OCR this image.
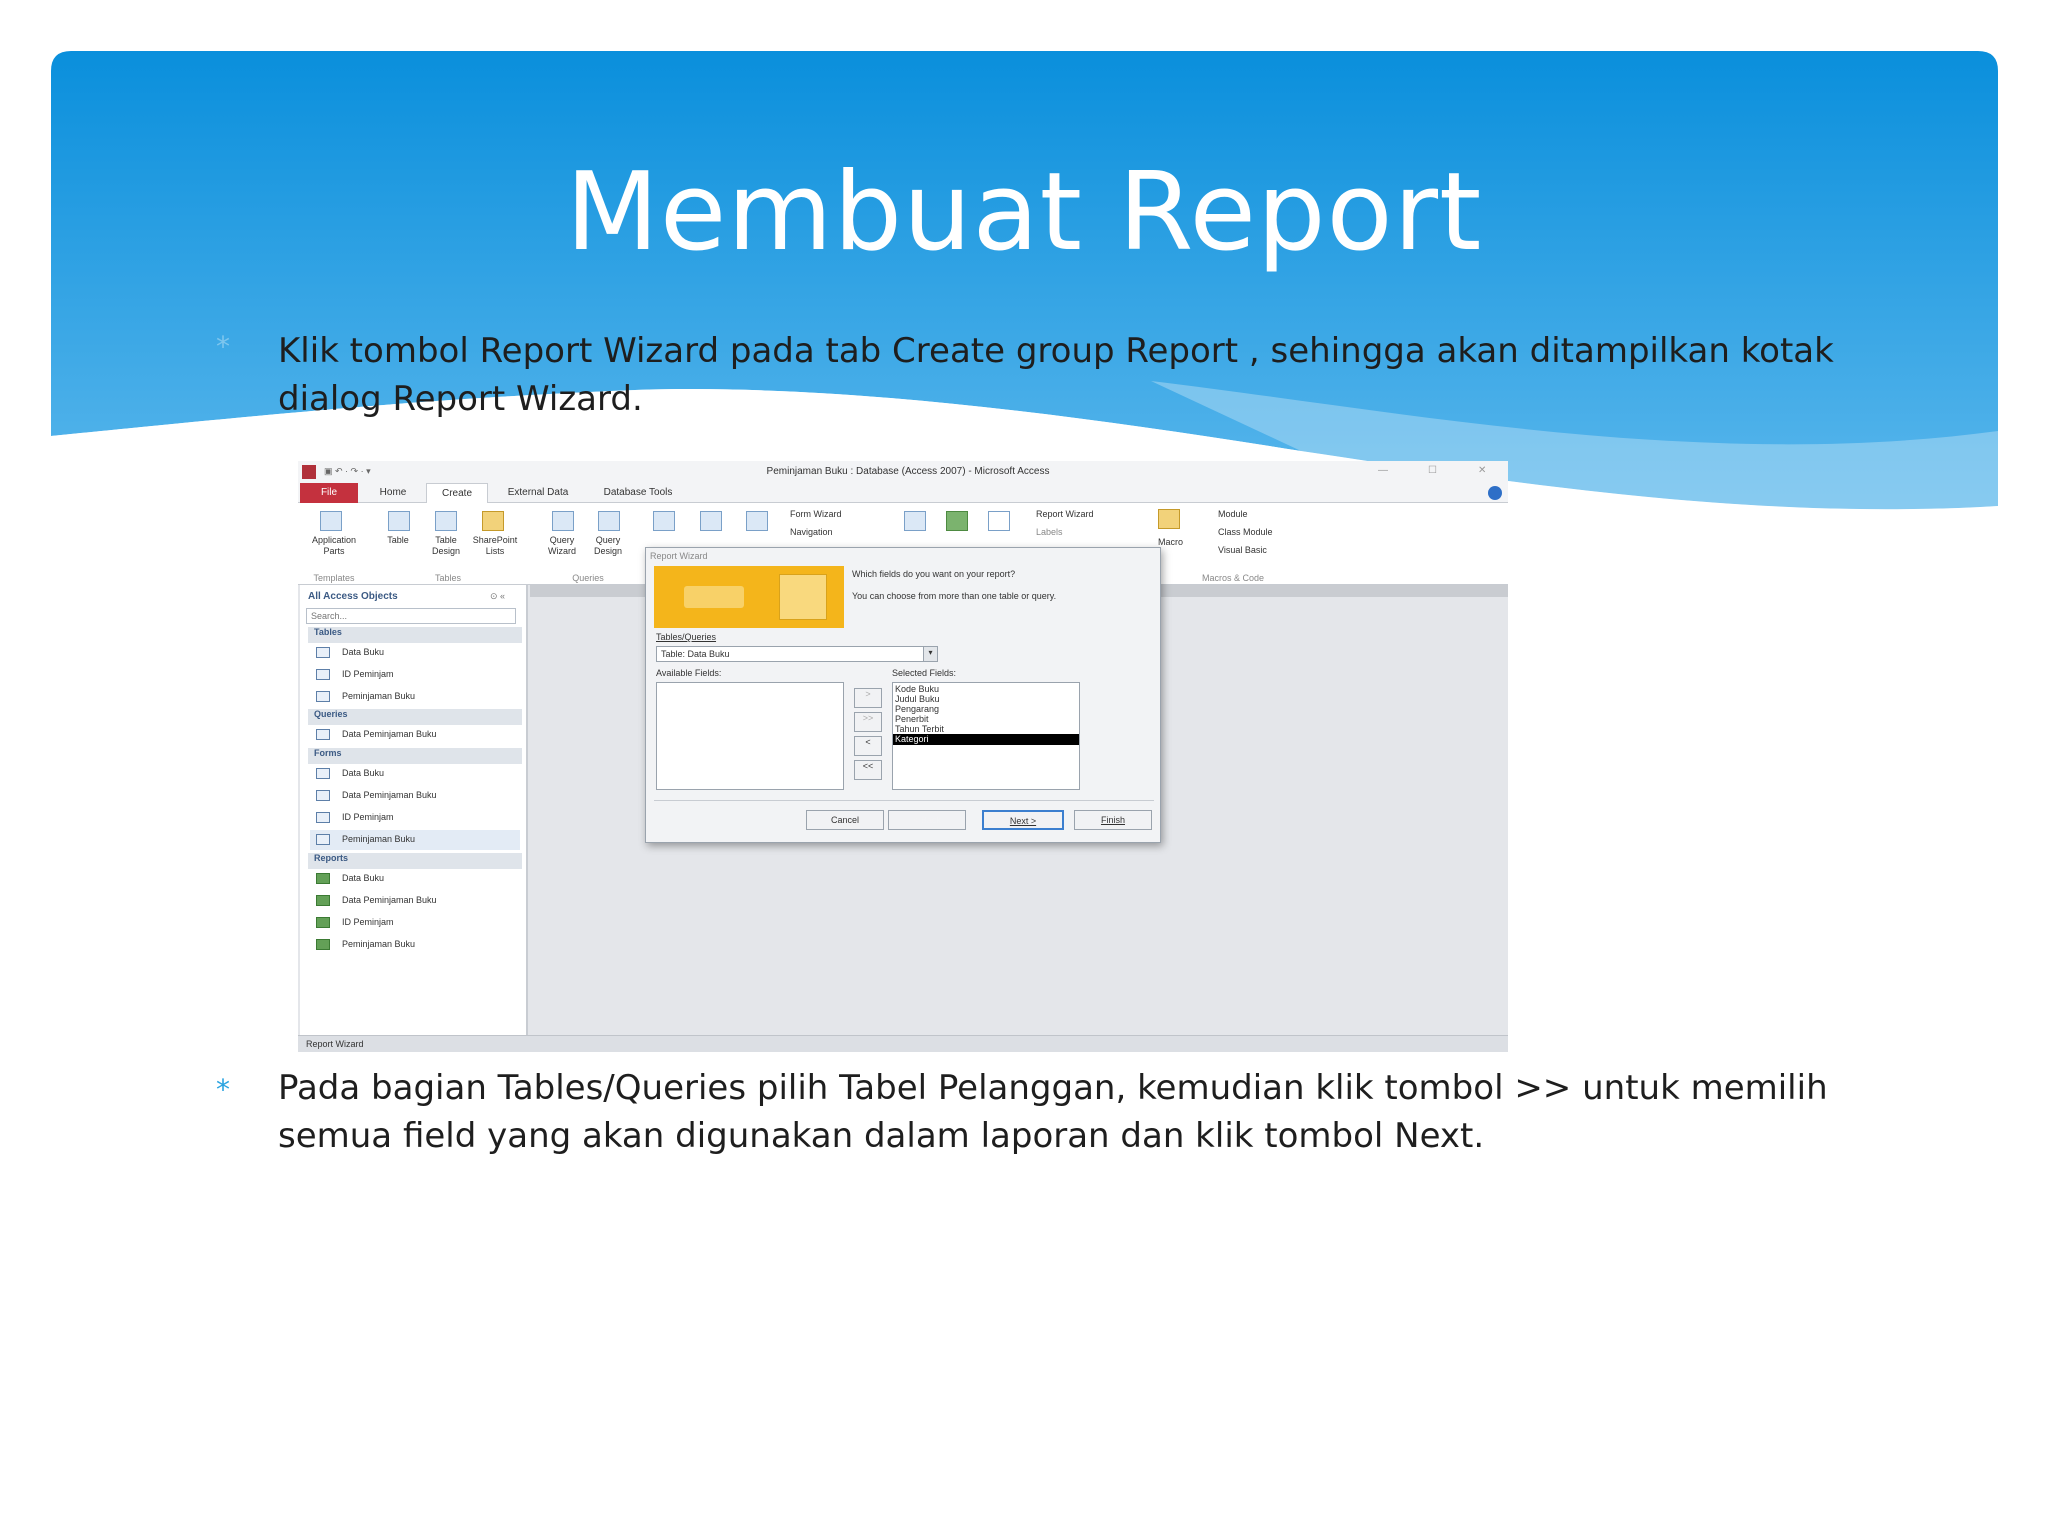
Membuat Report
* Klik tombol Report Wizard pada tab Create group Report , sehingga akan ditampilkan kotak dialog Report Wizard.
▣ ↶ · ↷ · ▾	Peminjaman Buku : Database (Access 2007) - Microsoft Access	—	☐	✕
File	Home	Create	External Data	Database Tools
Application Parts
Templates
Table	Table Design
SharePoint Lists
Tables
Query Wizard
Query Design
Queries
Form Wizard
Navigation
Report Wizard
Labels
Macro
Module
Class Module
Visual Basic
Macros & Code
All Access Objects	⊙ «
Search...
Tables
Data Buku
ID Peminjam
Peminjaman Buku
Queries
Data Peminjaman Buku
Forms
Data Buku
Data Peminjaman Buku
ID Peminjam
Peminjaman Buku
Reports
Data Buku
Data Peminjaman Buku
ID Peminjam
Peminjaman Buku
Report Wizard
Report Wizard
Which fields do you want on your report?
You can choose from more than one table or query.
Tables/Queries
Table: Data Buku	▾
Available Fields:
>
>>
<
<<
Selected Fields:
Kode Buku
Judul Buku
Pengarang
Penerbit
Tahun Terbit
Kategori
Cancel	< Back	Next >	Finish
* Pada bagian Tables/Queries pilih Tabel Pelanggan, kemudian klik tombol >> untuk memilih semua field yang akan digunakan dalam laporan dan klik tombol Next.
